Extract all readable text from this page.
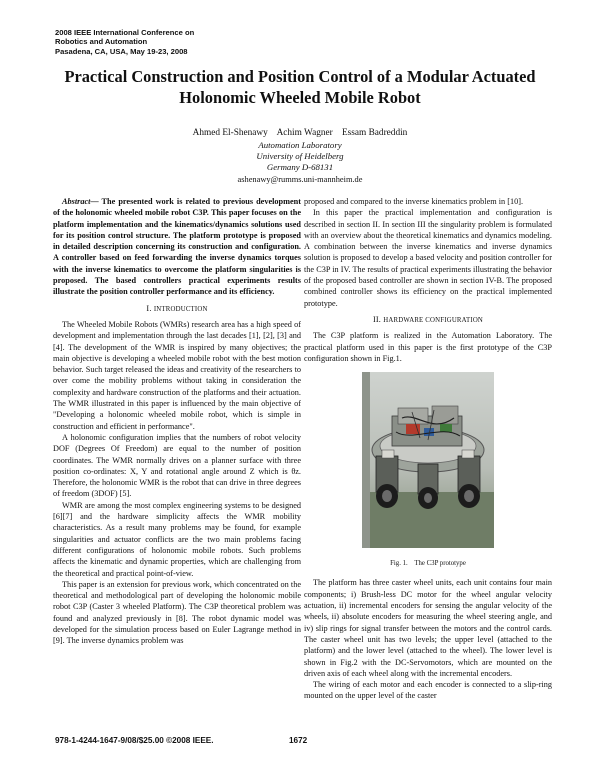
2008 IEEE International Conference on
Robotics and Automation
Pasadena, CA, USA, May 19-23, 2008
Practical Construction and Position Control of a Modular Actuated
Holonomic Wheeled Mobile Robot
Ahmed El-Shenawy    Achim Wagner    Essam Badreddin
Automation Laboratory
University of Heidelberg
Germany D-68131
ashenawy@rumms.uni-mannheim.de

Abstract— The presented work is related to previous development of the holonomic wheeled mobile robot C3P. This paper focuses on the platform implementation and the kinematics/dynamics solutions used for its position control structure. The platform prototype is proposed in detailed description concerning its construction and configuration. A controller based on feed forwarding the inverse dynamics torques with the inverse kinematics to overcome the platform singularities is proposed. The based controllers practical experiments results illustrate the position controller performance and its efficiency.

I. INTRODUCTION

The Wheeled Mobile Robots (WMRs) research area has a high speed of development and implementation through the last decades [1], [2], [3] and [4]. The development of the WMR is inspired by many objectives; the main objective is developing a wheeled mobile robot with the best motion behavior. Such target released the ideas and creativity of the researchers to over come the mobility problems without taking in consideration the complexity and hardware construction of the platforms and their actuation. The WMR illustrated in this paper is influenced by the main objective of "Developing a holonomic wheeled mobile robot, which is simple in construction and efficient in performance".

A holonomic configuration implies that the numbers of robot velocity DOF (Degrees Of Freedom) are equal to the number of position coordinates. The WMR normally drives on a planner surface with three position co-ordinates: X, Y and rotational angle around Z which is θz. Therefore, the holonomic WMR is the robot that can drive in three degrees of freedom (3DOF) [5].

WMR are among the most complex engineering systems to be designed [6][7] and the hardware simplicity affects the WMR mobility characteristics. As a result many problems may be found, for example singularities and actuator conflicts are the two main problems facing different configurations of holonomic mobile robots. Such problems affects the kinematic and dynamic properties, which are challenging from the theoretical and practical point-of-view.

This paper is an extension for previous work, which concentrated on the theoretical and methodological part of developing the holonomic mobile robot C3P (Caster 3 wheeled Platform). The C3P theoretical problem was found and analyzed previously in [8]. The robot dynamic model was developed for the simulation process based on Euler Lagrange method in [9]. The inverse dynamics problem was

proposed and compared to the inverse kinematics problem in [10].

In this paper the practical implementation and configuration is described in section II. In section III the singularity problem is formulated with an overview about the theoretical kinematics and dynamics modeling. A combination between the inverse kinematics and inverse dynamics solution is proposed to develop a based velocity and position controller for the C3P in IV. The results of practical experiments illustrating the behavior of the proposed based controller are shown in section IV-B. The proposed combined controller shows its efficiency on the practical implemented prototype.

II. HARDWARE CONFIGURATION

The C3P platform is realized in the Automation Laboratory. The practical platform used in this paper is the first prototype of the C3P configuration shown in Fig.1.

Fig. 1.    The C3P prototype

The platform has three caster wheel units, each unit contains four main components; i) Brush-less DC motor for the wheel angular velocity actuation, ii) incremental encoders for sensing the angular velocity of the wheels, ii) absolute encoders for measuring the wheel steering angle, and iv) slip rings for signal transfer between the motors and the control cards. The caster wheel unit has two levels; the upper level (attached to the platform) and the lower level (attached to the wheel). The lower level is shown in Fig.2 with the DC-Servomotors, which are mounted on the driven axis of each wheel along with the incremental encoders.

The wiring of each motor and each encoder is connected to a slip-ring mounted on the upper level of the caster

978-1-4244-1647-9/08/$25.00 ©2008 IEEE.	1672
